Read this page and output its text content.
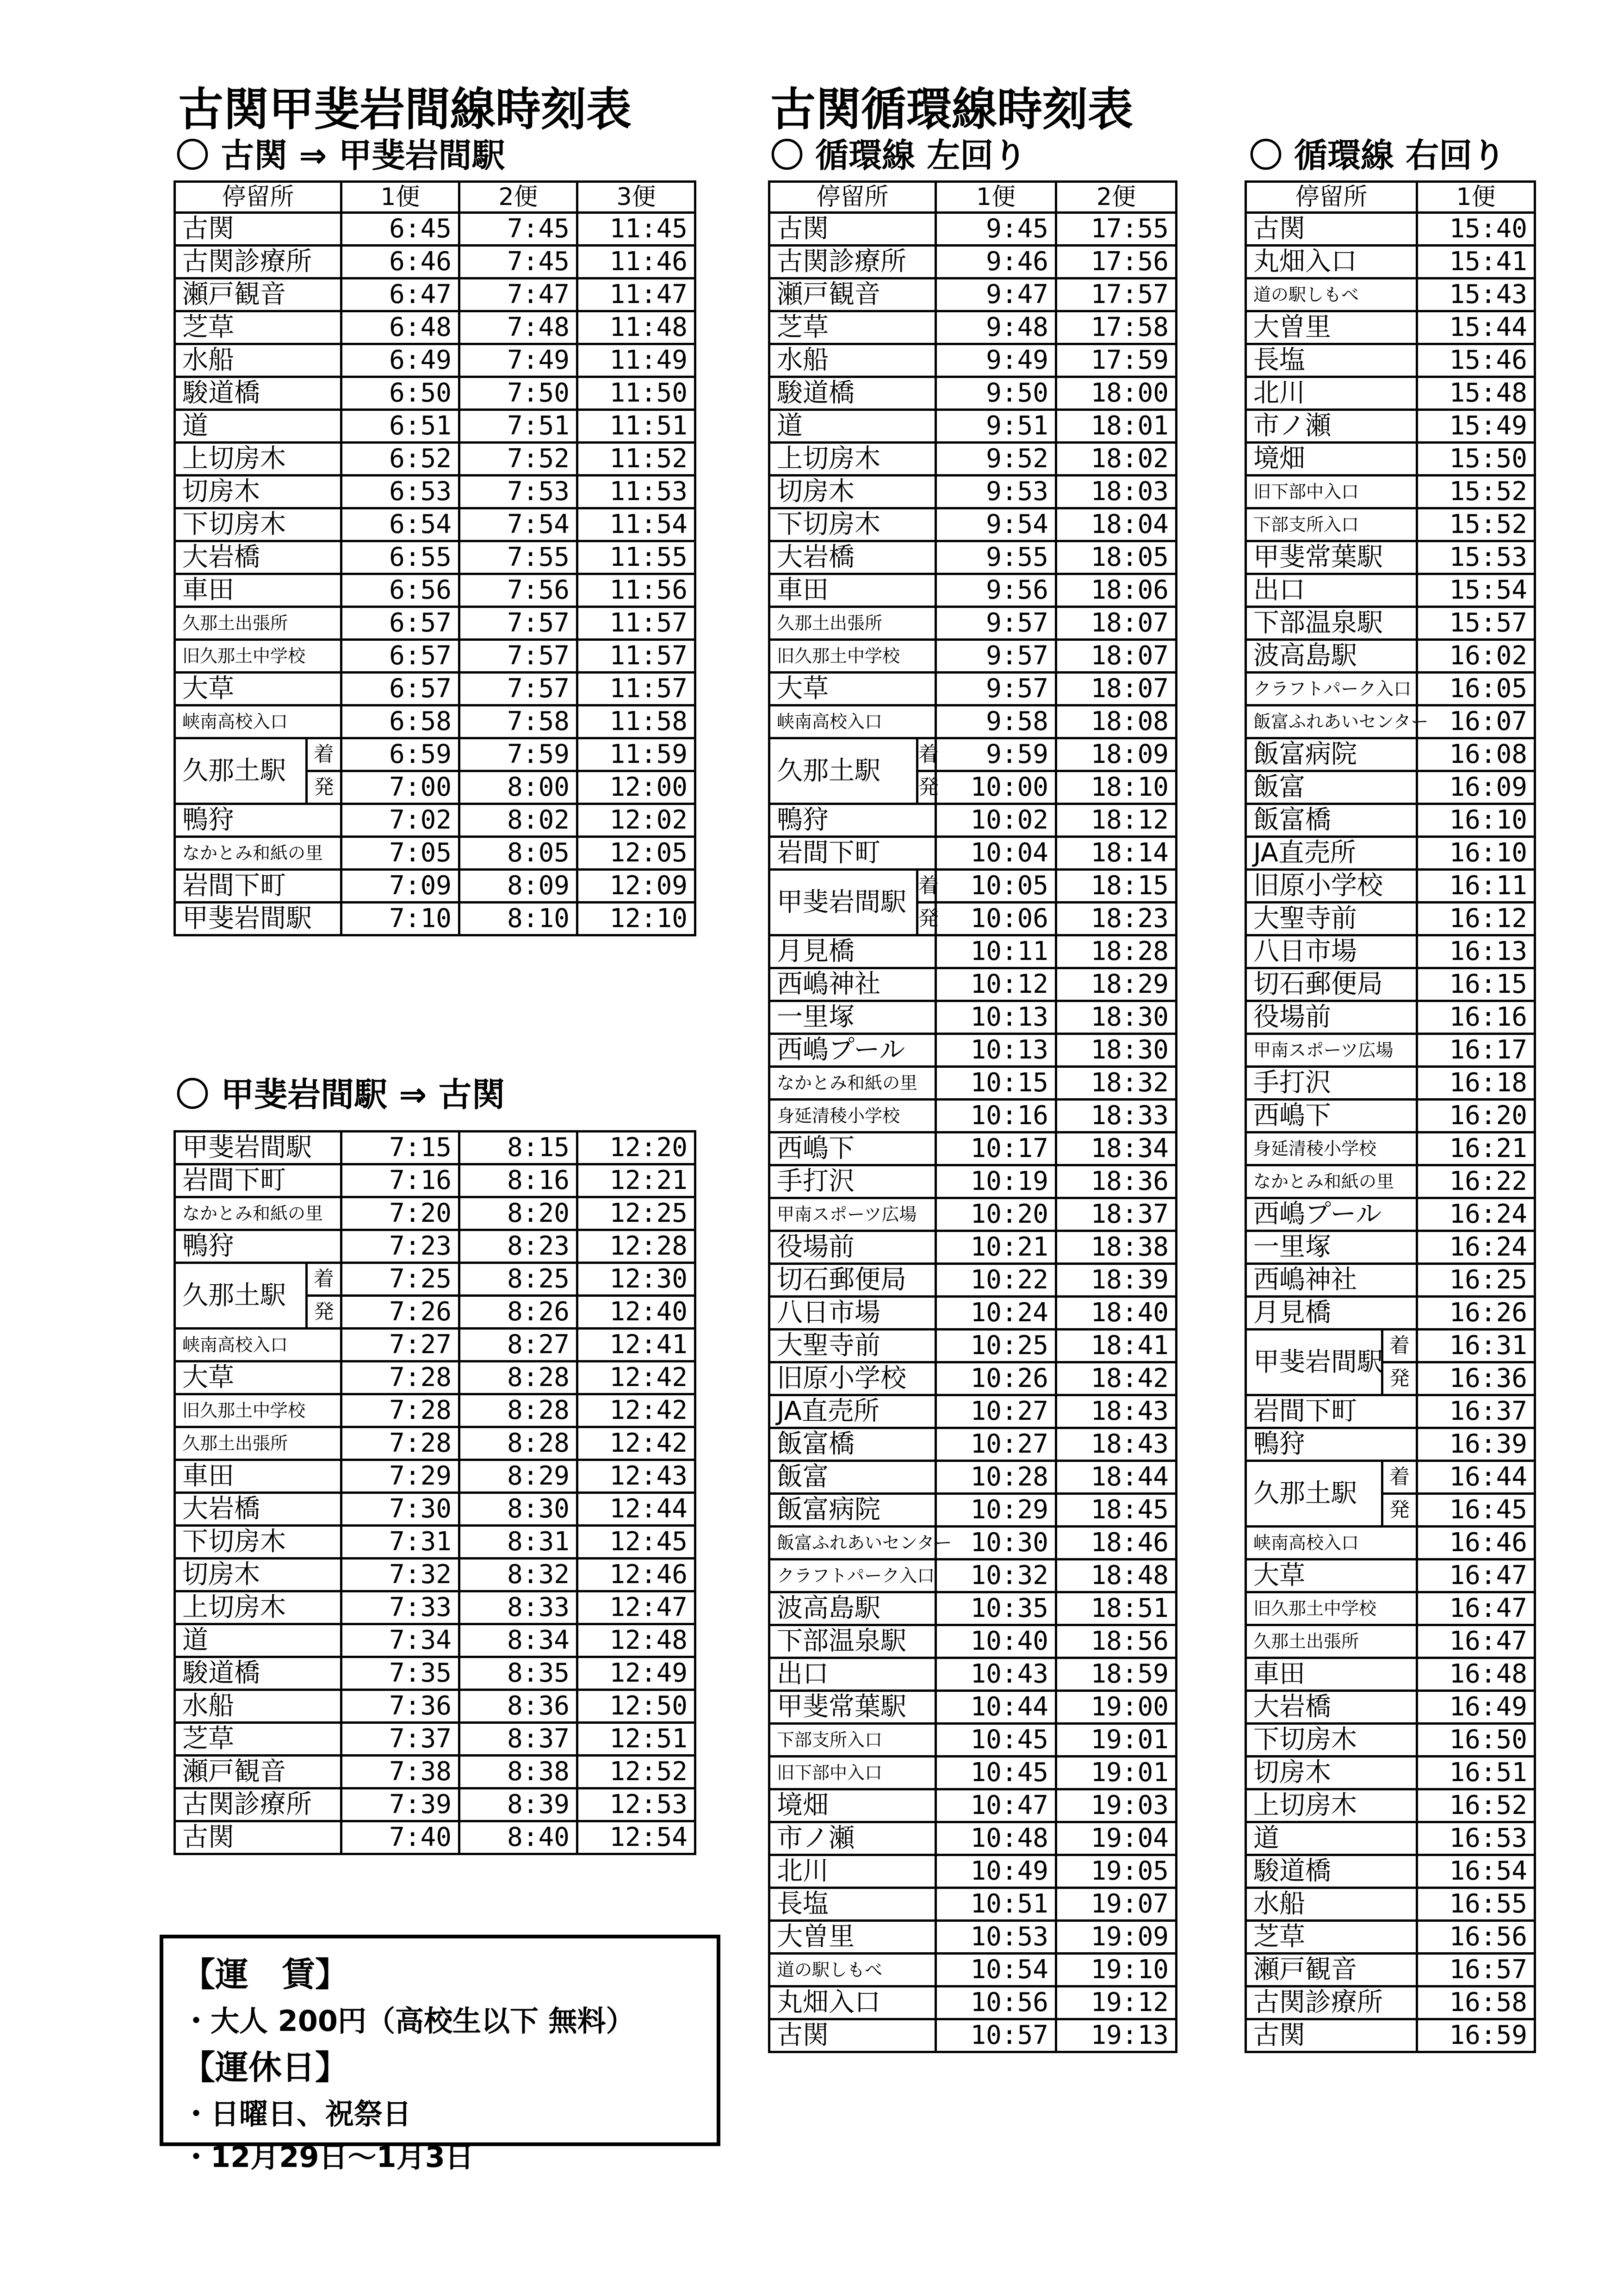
古関甲斐岩間線時刻表	古関循環線時刻表
〇 古関 ⇒ 甲斐岩間駅
〇 甲斐岩間駅 ⇒ 古関
〇 循環線 左回り	〇 循環線 右回り
停留所		1便	2便	3便
古関		6:45	7:45	11:45
古関診療所		6:46	7:45	11:46
瀬戸観音		6:47	7:47	11:47
芝草		6:48	7:48	11:48
水船		6:49	7:49	11:49
駿道橋		6:50	7:50	11:50
道		6:51	7:51	11:51
上切房木		6:52	7:52	11:52
切房木		6:53	7:53	11:53
下切房木		6:54	7:54	11:54
大岩橋		6:55	7:55	11:55
車田		6:56	7:56	11:56
久那土出張所		6:57	7:57	11:57
旧久那土中学校		6:57	7:57	11:57
大草		6:57	7:57	11:57
峡南高校入口		6:58	7:58	11:58
久那土駅	着	6:59	7:59	11:59
	発	7:00	8:00	12:00
鴨狩		7:02	8:02	12:02
なかとみ和紙の里		7:05	8:05	12:05
岩間下町		7:09	8:09	12:09
甲斐岩間駅		7:10	8:10	12:10
甲斐岩間駅		7:15	8:15	12:20
岩間下町		7:16	8:16	12:21
なかとみ和紙の里		7:20	8:20	12:25
鴨狩		7:23	8:23	12:28
久那土駅	着	7:25	8:25	12:30
	発	7:26	8:26	12:40
峡南高校入口		7:27	8:27	12:41
大草		7:28	8:28	12:42
旧久那土中学校		7:28	8:28	12:42
久那土出張所		7:28	8:28	12:42
車田		7:29	8:29	12:43
大岩橋		7:30	8:30	12:44
下切房木		7:31	8:31	12:45
切房木		7:32	8:32	12:46
上切房木		7:33	8:33	12:47
道		7:34	8:34	12:48
駿道橋		7:35	8:35	12:49
水船		7:36	8:36	12:50
芝草		7:37	8:37	12:51
瀬戸観音		7:38	8:38	12:52
古関診療所		7:39	8:39	12:53
古関		7:40	8:40	12:54
停留所		1便	2便
古関		9:45	17:55
古関診療所		9:46	17:56
瀬戸観音		9:47	17:57
芝草		9:48	17:58
水船		9:49	17:59
駿道橋		9:50	18:00
道		9:51	18:01
上切房木		9:52	18:02
切房木		9:53	18:03
下切房木		9:54	18:04
大岩橋		9:55	18:05
車田		9:56	18:06
久那土出張所		9:57	18:07
旧久那土中学校		9:57	18:07
大草		9:57	18:07
峡南高校入口		9:58	18:08
久那土駅	着	9:59	18:09
	発	10:00	18:10
鴨狩		10:02	18:12
岩間下町		10:04	18:14
甲斐岩間駅	着	10:05	18:15
	発	10:06	18:23
月見橋		10:11	18:28
西嶋神社		10:12	18:29
一里塚		10:13	18:30
西嶋プール		10:13	18:30
なかとみ和紙の里		10:15	18:32
身延清稜小学校		10:16	18:33
西嶋下		10:17	18:34
手打沢		10:19	18:36
甲南スポーツ広場		10:20	18:37
役場前		10:21	18:38
切石郵便局		10:22	18:39
八日市場		10:24	18:40
大聖寺前		10:25	18:41
旧原小学校		10:26	18:42
JA直売所		10:27	18:43
飯富橋		10:27	18:43
飯富		10:28	18:44
飯富病院		10:29	18:45
飯富ふれあいセンター		10:30	18:46
クラフトパーク入口		10:32	18:48
波高島駅		10:35	18:51
下部温泉駅		10:40	18:56
出口		10:43	18:59
甲斐常葉駅		10:44	19:00
下部支所入口		10:45	19:01
旧下部中入口		10:45	19:01
境畑		10:47	19:03
市ノ瀬		10:48	19:04
北川		10:49	19:05
長塩		10:51	19:07
大曽里		10:53	19:09
道の駅しもべ		10:54	19:10
丸畑入口		10:56	19:12
古関		10:57	19:13
停留所		1便
古関		15:40
丸畑入口		15:41
道の駅しもべ		15:43
大曽里		15:44
長塩		15:46
北川		15:48
市ノ瀬		15:49
境畑		15:50
旧下部中入口		15:52
下部支所入口		15:52
甲斐常葉駅		15:53
出口		15:54
下部温泉駅		15:57
波高島駅		16:02
クラフトパーク入口		16:05
飯富ふれあいセンター		16:07
飯富病院		16:08
飯富		16:09
飯富橋		16:10
JA直売所		16:10
旧原小学校		16:11
大聖寺前		16:12
八日市場		16:13
切石郵便局		16:15
役場前		16:16
甲南スポーツ広場		16:17
手打沢		16:18
西嶋下		16:20
身延清稜小学校		16:21
なかとみ和紙の里		16:22
西嶋プール		16:24
一里塚		16:24
西嶋神社		16:25
月見橋		16:26
甲斐岩間駅	着	16:31
	発	16:36
岩間下町		16:37
鴨狩		16:39
久那土駅	着	16:44
	発	16:45
峡南高校入口		16:46
大草		16:47
旧久那土中学校		16:47
久那土出張所		16:47
車田		16:48
大岩橋		16:49
下切房木		16:50
切房木		16:51
上切房木		16:52
道		16:53
駿道橋		16:54
水船		16:55
芝草		16:56
瀬戸観音		16:57
古関診療所		16:58
古関		16:59
【運　賃】
・大人 200円（高校生以下 無料）
【運休日】
・日曜日、祝祭日
・12月29日～1月3日
